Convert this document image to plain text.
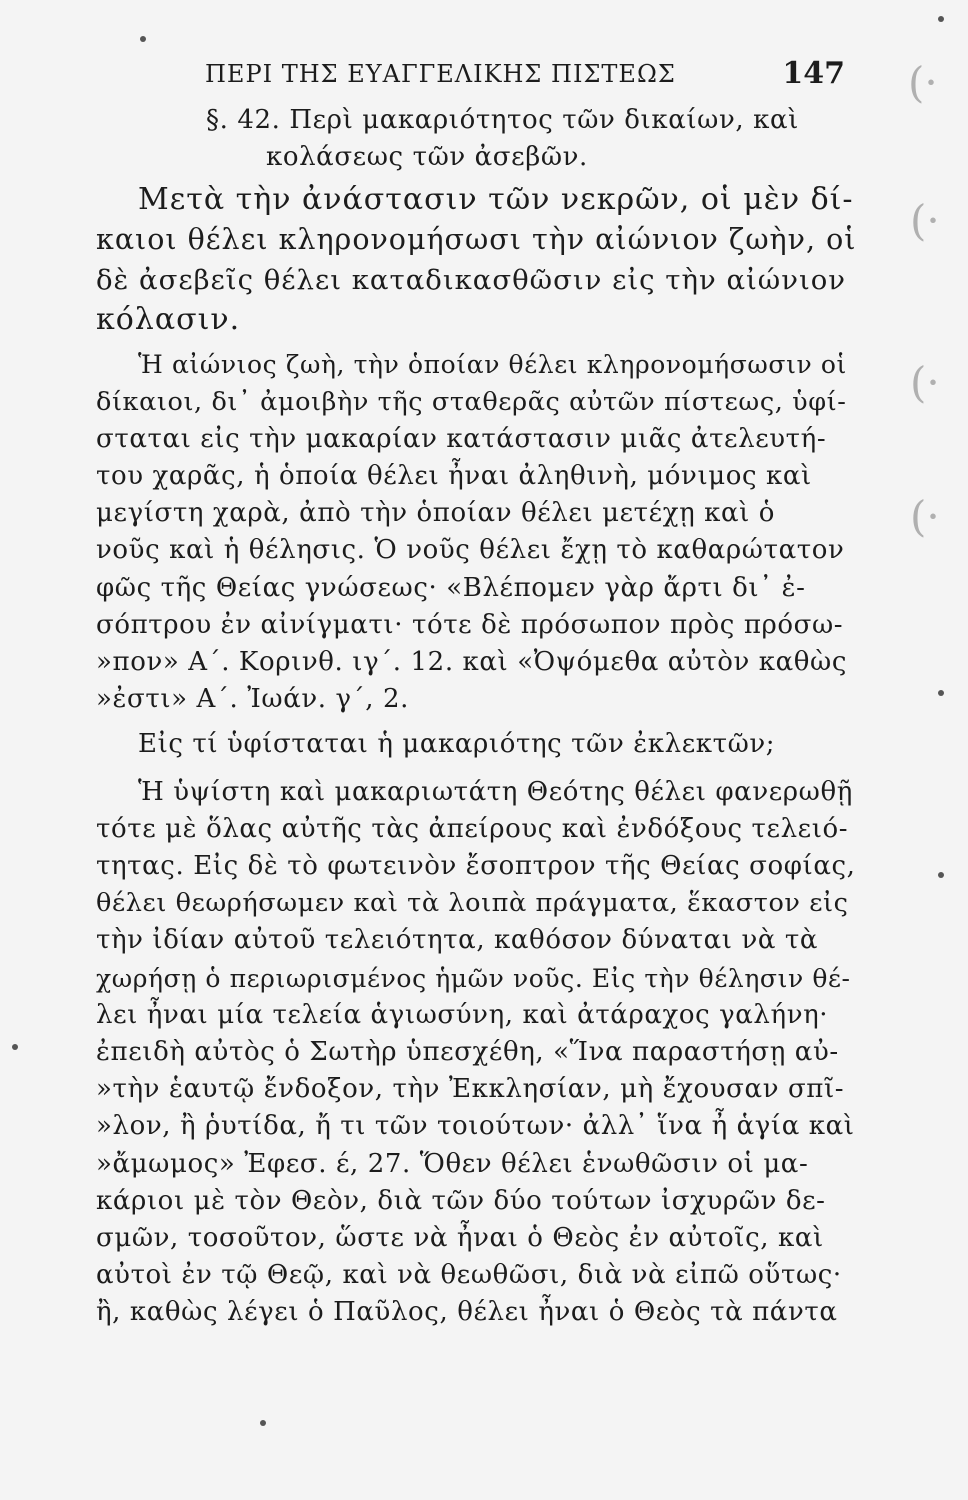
(·
(·
(·
(·
ΠΕΡΙ ΤΗΣ ΕΥΑΓΓΕΛΙΚΗΣ ΠΙΣΤΕΩΣ	147
§. 42. Περὶ μακαριότητος τῶν δικαίων, καὶ
κολάσεως τῶν ἀσεβῶν.
Μετὰ τὴν ἀνάστασιν τῶν νεκρῶν, οἱ μὲν δί-
καιοι θέλει κληρονομήσωσι τὴν αἰώνιον ζωὴν, οἱ
δὲ ἀσεβεῖς θέλει καταδικασθῶσιν εἰς τὴν αἰώνιον
κόλασιν.
Ἡ αἰώνιος ζωὴ, τὴν ὁποίαν θέλει κληρονομήσωσιν οἱ
δίκαιοι, δι᾽ ἀμοιβὴν τῆς σταθερᾶς αὐτῶν πίστεως, ὑφί-
σταται εἰς τὴν μακαρίαν κατάστασιν μιᾶς ἀτελευτή-
του χαρᾶς, ἡ ὁποία θέλει ἦναι ἀληθινὴ, μόνιμος καὶ
μεγίστη χαρὰ, ἀπὸ τὴν ὁποίαν θέλει μετέχῃ καὶ ὁ
νοῦς καὶ ἡ θέλησις. Ὁ νοῦς θέλει ἔχῃ τὸ καθαρώτατον
φῶς τῆς Θείας γνώσεως· «Βλέπομεν γὰρ ἄρτι δι᾽ ἐ-
σόπτρου ἐν αἰνίγματι· τότε δὲ πρόσωπον πρὸς πρόσω-
»πον» Α΄. Κορινθ. ιγ΄. 12. καὶ «Ὀψόμεθα αὐτὸν καθὼς
»ἐστι» Α΄. Ἰωάν. γ΄, 2.
Εἰς τί ὑφίσταται ἡ μακαριότης τῶν ἐκλεκτῶν;
Ἡ ὑψίστη καὶ μακαριωτάτη Θεότης θέλει φανερωθῇ
τότε μὲ ὅλας αὐτῆς τὰς ἀπείρους καὶ ἐνδόξους τελειό-
τητας. Εἰς δὲ τὸ φωτεινὸν ἔσοπτρον τῆς Θείας σοφίας,
θέλει θεωρήσωμεν καὶ τὰ λοιπὰ πράγματα, ἕκαστον εἰς
τὴν ἰδίαν αὐτοῦ τελειότητα, καθόσον δύναται νὰ τὰ
χωρήσῃ ὁ περιωρισμένος ἡμῶν νοῦς. Εἰς τὴν θέλησιν θέ-
λει ἦναι μία τελεία ἁγιωσύνη, καὶ ἀτάραχος γαλήνη·
ἐπειδὴ αὐτὸς ὁ Σωτὴρ ὑπεσχέθη, «Ἵνα παραστήσῃ αὐ-
»τὴν ἑαυτῷ ἔνδοξον, τὴν Ἐκκλησίαν, μὴ ἔχουσαν σπῖ-
»λον, ἢ ῥυτίδα, ἤ τι τῶν τοιούτων· ἀλλ᾽ ἵνα ἦ ἁγία καὶ
»ἄμωμος» Ἐφεσ. έ, 27. Ὅθεν θέλει ἑνωθῶσιν οἱ μα-
κάριοι μὲ τὸν Θεὸν, διὰ τῶν δύο τούτων ἰσχυρῶν δε-
σμῶν, τοσοῦτον, ὥστε νὰ ἦναι ὁ Θεὸς ἐν αὐτοῖς, καὶ
αὐτοὶ ἐν τῷ Θεῷ, καὶ νὰ θεωθῶσι, διὰ νὰ εἰπῶ οὕτως·
ἢ, καθὼς λέγει ὁ Παῦλος, θέλει ἦναι ὁ Θεὸς τὰ πάντα
